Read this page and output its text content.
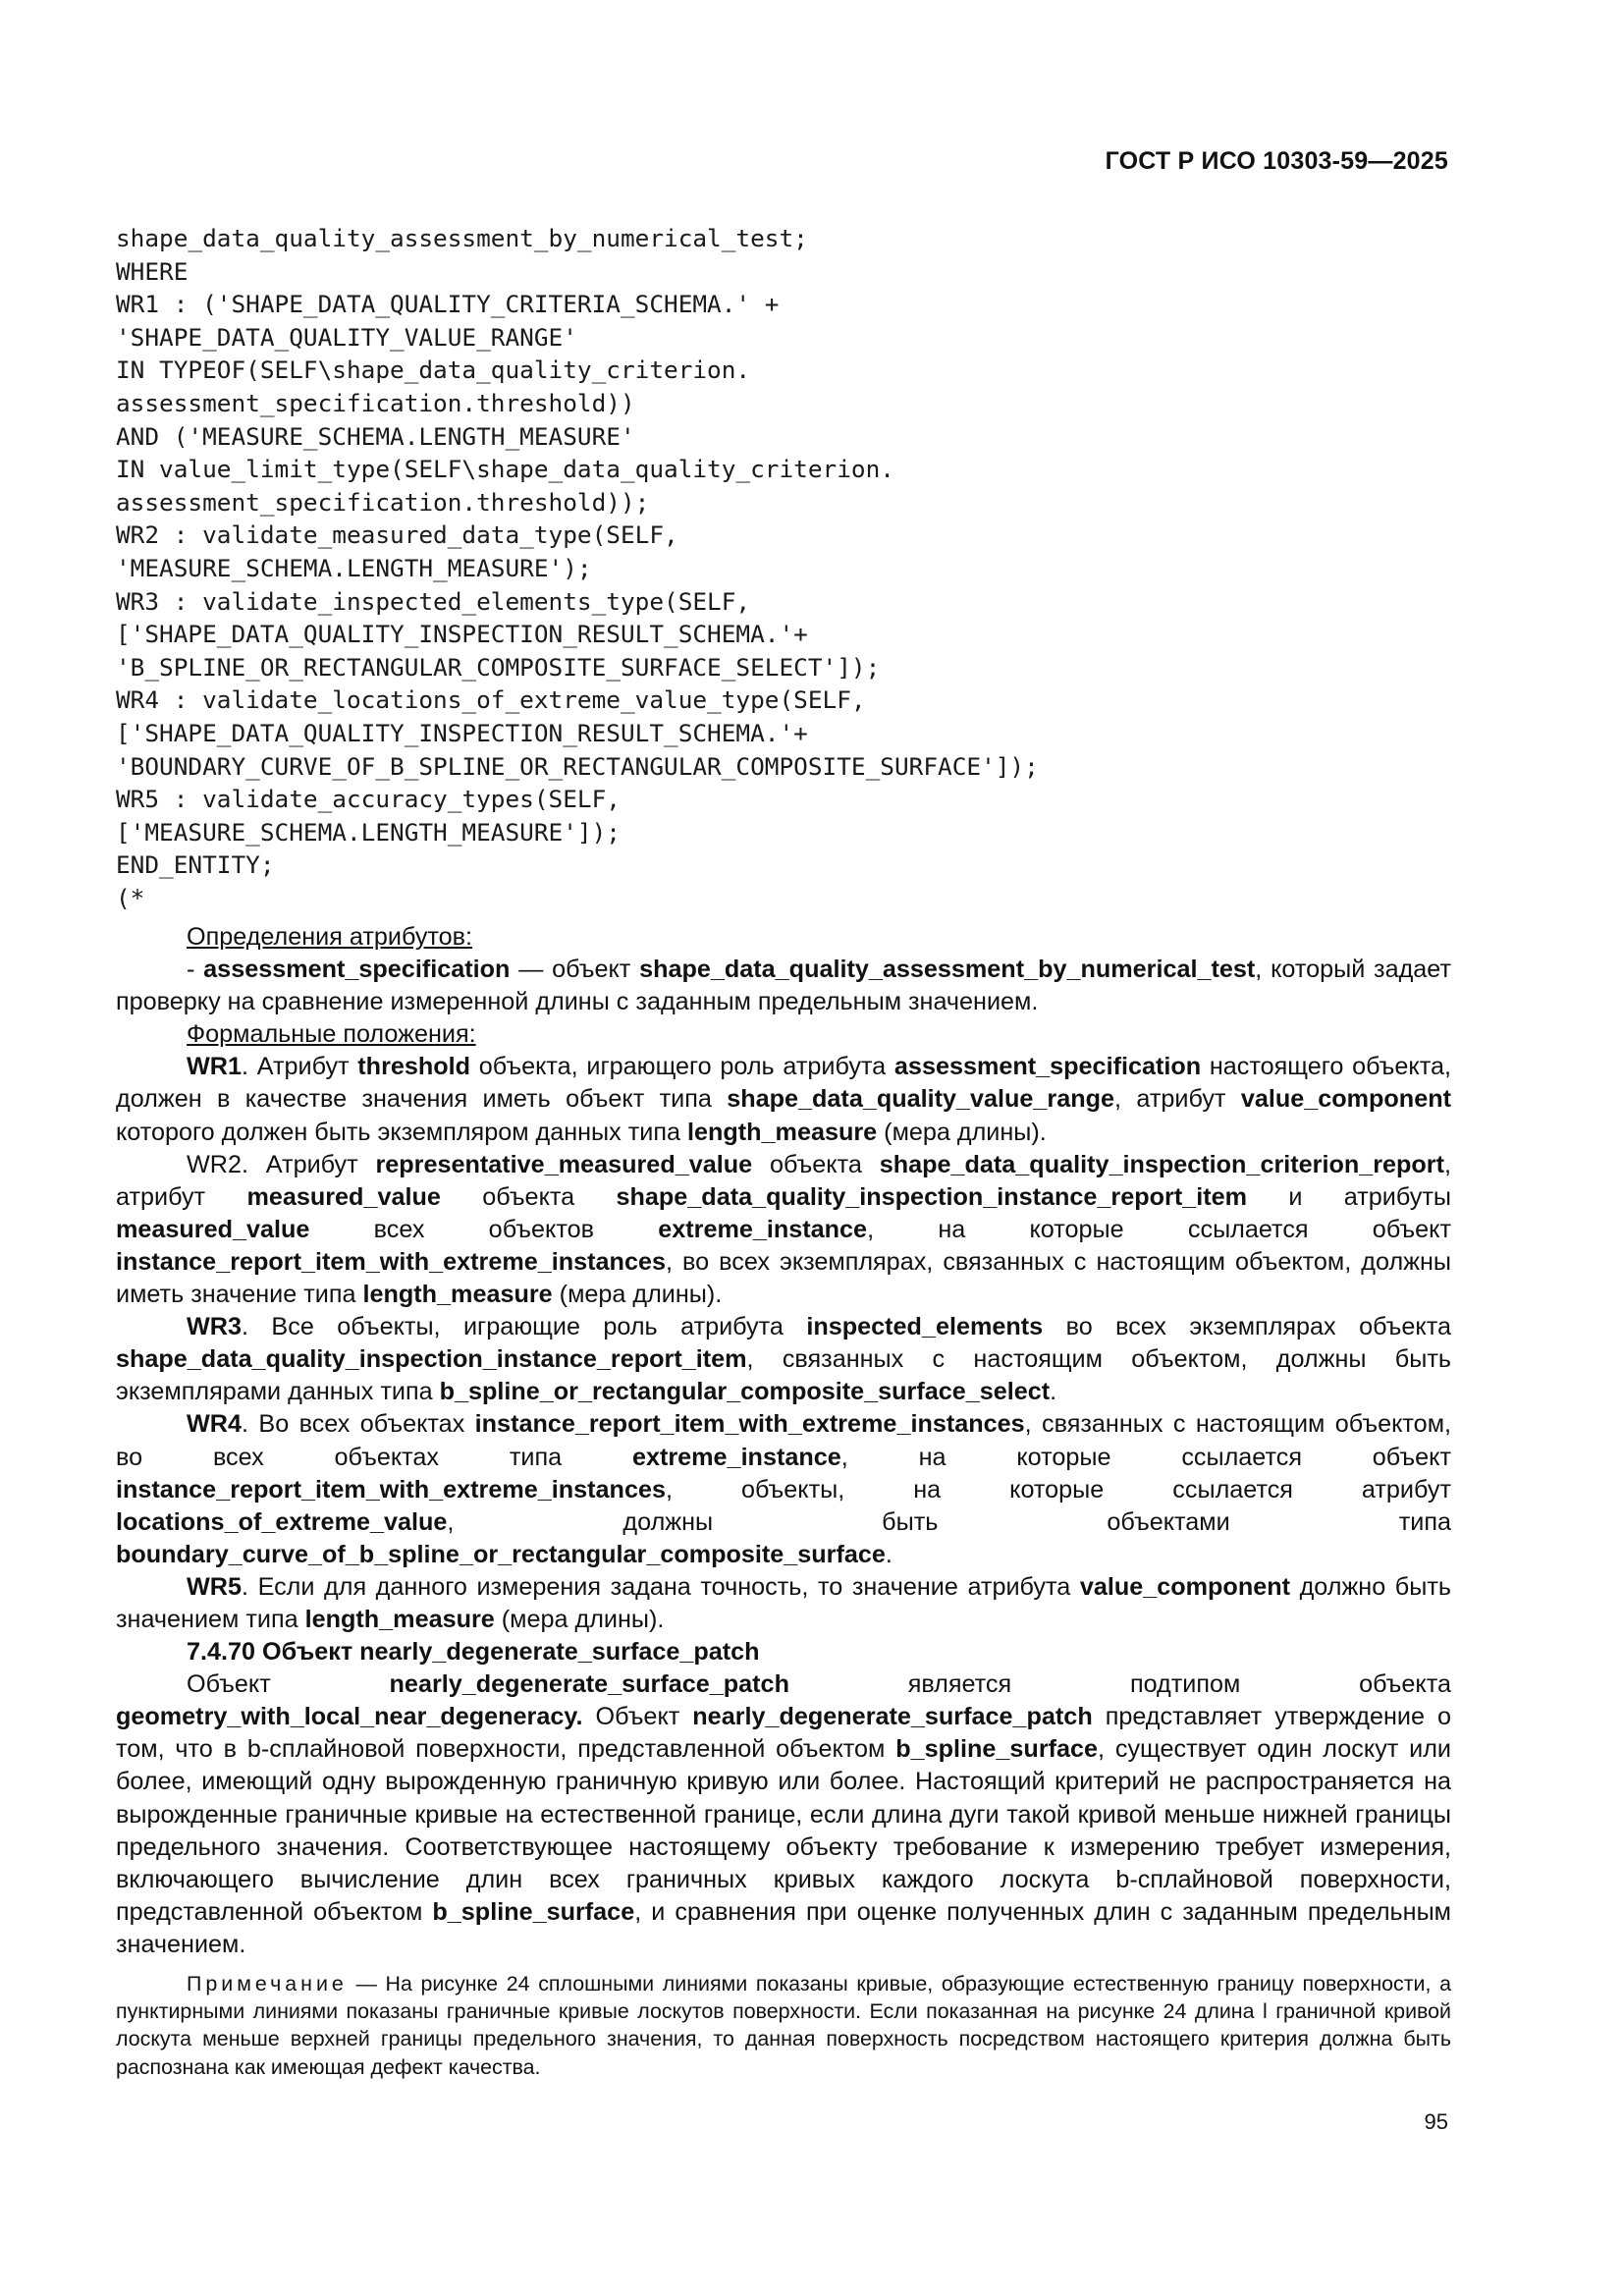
ГОСТ Р ИСО 10303-59—2025
shape_data_quality_assessment_by_numerical_test;
WHERE
WR1 : ('SHAPE_DATA_QUALITY_CRITERIA_SCHEMA.' +
'SHAPE_DATA_QUALITY_VALUE_RANGE'
IN TYPEOF(SELF\shape_data_quality_criterion.
assessment_specification.threshold))
AND ('MEASURE_SCHEMA.LENGTH_MEASURE'
IN value_limit_type(SELF\shape_data_quality_criterion.
assessment_specification.threshold));
WR2 : validate_measured_data_type(SELF,
'MEASURE_SCHEMA.LENGTH_MEASURE');
WR3 : validate_inspected_elements_type(SELF,
['SHAPE_DATA_QUALITY_INSPECTION_RESULT_SCHEMA.'+
'B_SPLINE_OR_RECTANGULAR_COMPOSITE_SURFACE_SELECT']);
WR4 : validate_locations_of_extreme_value_type(SELF,
['SHAPE_DATA_QUALITY_INSPECTION_RESULT_SCHEMA.'+
'BOUNDARY_CURVE_OF_B_SPLINE_OR_RECTANGULAR_COMPOSITE_SURFACE']);
WR5 : validate_accuracy_types(SELF,
['MEASURE_SCHEMA.LENGTH_MEASURE']);
END_ENTITY;
(*

Определения атрибутов:

- assessment_specification — объект shape_data_quality_assessment_by_numerical_test, который задает проверку на сравнение измеренной длины с заданным предельным значением.

Формальные положения:

WR1. Атрибут threshold объекта, играющего роль атрибута assessment_specification настоящего объекта, должен в качестве значения иметь объект типа shape_data_quality_value_range, атрибут value_component которого должен быть экземпляром данных типа length_measure (мера длины).

WR2. Атрибут representative_measured_value объекта shape_data_quality_inspection_criterion_report, атрибут measured_value объекта shape_data_quality_inspection_instance_report_item и атрибуты measured_value всех объектов extreme_instance, на которые ссылается объект instance_report_item_with_extreme_instances, во всех экземплярах, связанных с настоящим объектом, должны иметь значение типа length_measure (мера длины).

WR3. Все объекты, играющие роль атрибута inspected_elements во всех экземплярах объекта shape_data_quality_inspection_instance_report_item, связанных с настоящим объектом, должны быть экземплярами данных типа b_spline_or_rectangular_composite_surface_select.

WR4. Во всех объектах instance_report_item_with_extreme_instances, связанных с настоящим объектом, во всех объектах типа extreme_instance, на которые ссылается объект instance_report_item_with_extreme_instances, объекты, на которые ссылается атрибут locations_of_extreme_value, должны быть объектами типа boundary_curve_of_b_spline_or_rectangular_composite_surface.

WR5. Если для данного измерения задана точность, то значение атрибута value_component должно быть значением типа length_measure (мера длины).

7.4.70 Объект nearly_degenerate_surface_patch

Объект nearly_degenerate_surface_patch является подтипом объекта geometry_with_local_near_degeneracy. Объект nearly_degenerate_surface_patch представляет утверждение о том, что в b-сплайновой поверхности, представленной объектом b_spline_surface, существует один лоскут или более, имеющий одну вырожденную граничную кривую или более. Настоящий критерий не распространяется на вырожденные граничные кривые на естественной границе, если длина дуги такой кривой меньше нижней границы предельного значения. Соответствующее настоящему объекту требование к измерению требует измерения, включающего вычисление длин всех граничных кривых каждого лоскута b-сплайновой поверхности, представленной объектом b_spline_surface, и сравнения при оценке полученных длин с заданным предельным значением.

Примечание — На рисунке 24 сплошными линиями показаны кривые, образующие естественную границу поверхности, а пунктирными линиями показаны граничные кривые лоскутов поверхности. Если показанная на рисунке 24 длина l граничной кривой лоскута меньше верхней границы предельного значения, то данная поверхность посредством настоящего критерия должна быть распознана как имеющая дефект качества.

95
